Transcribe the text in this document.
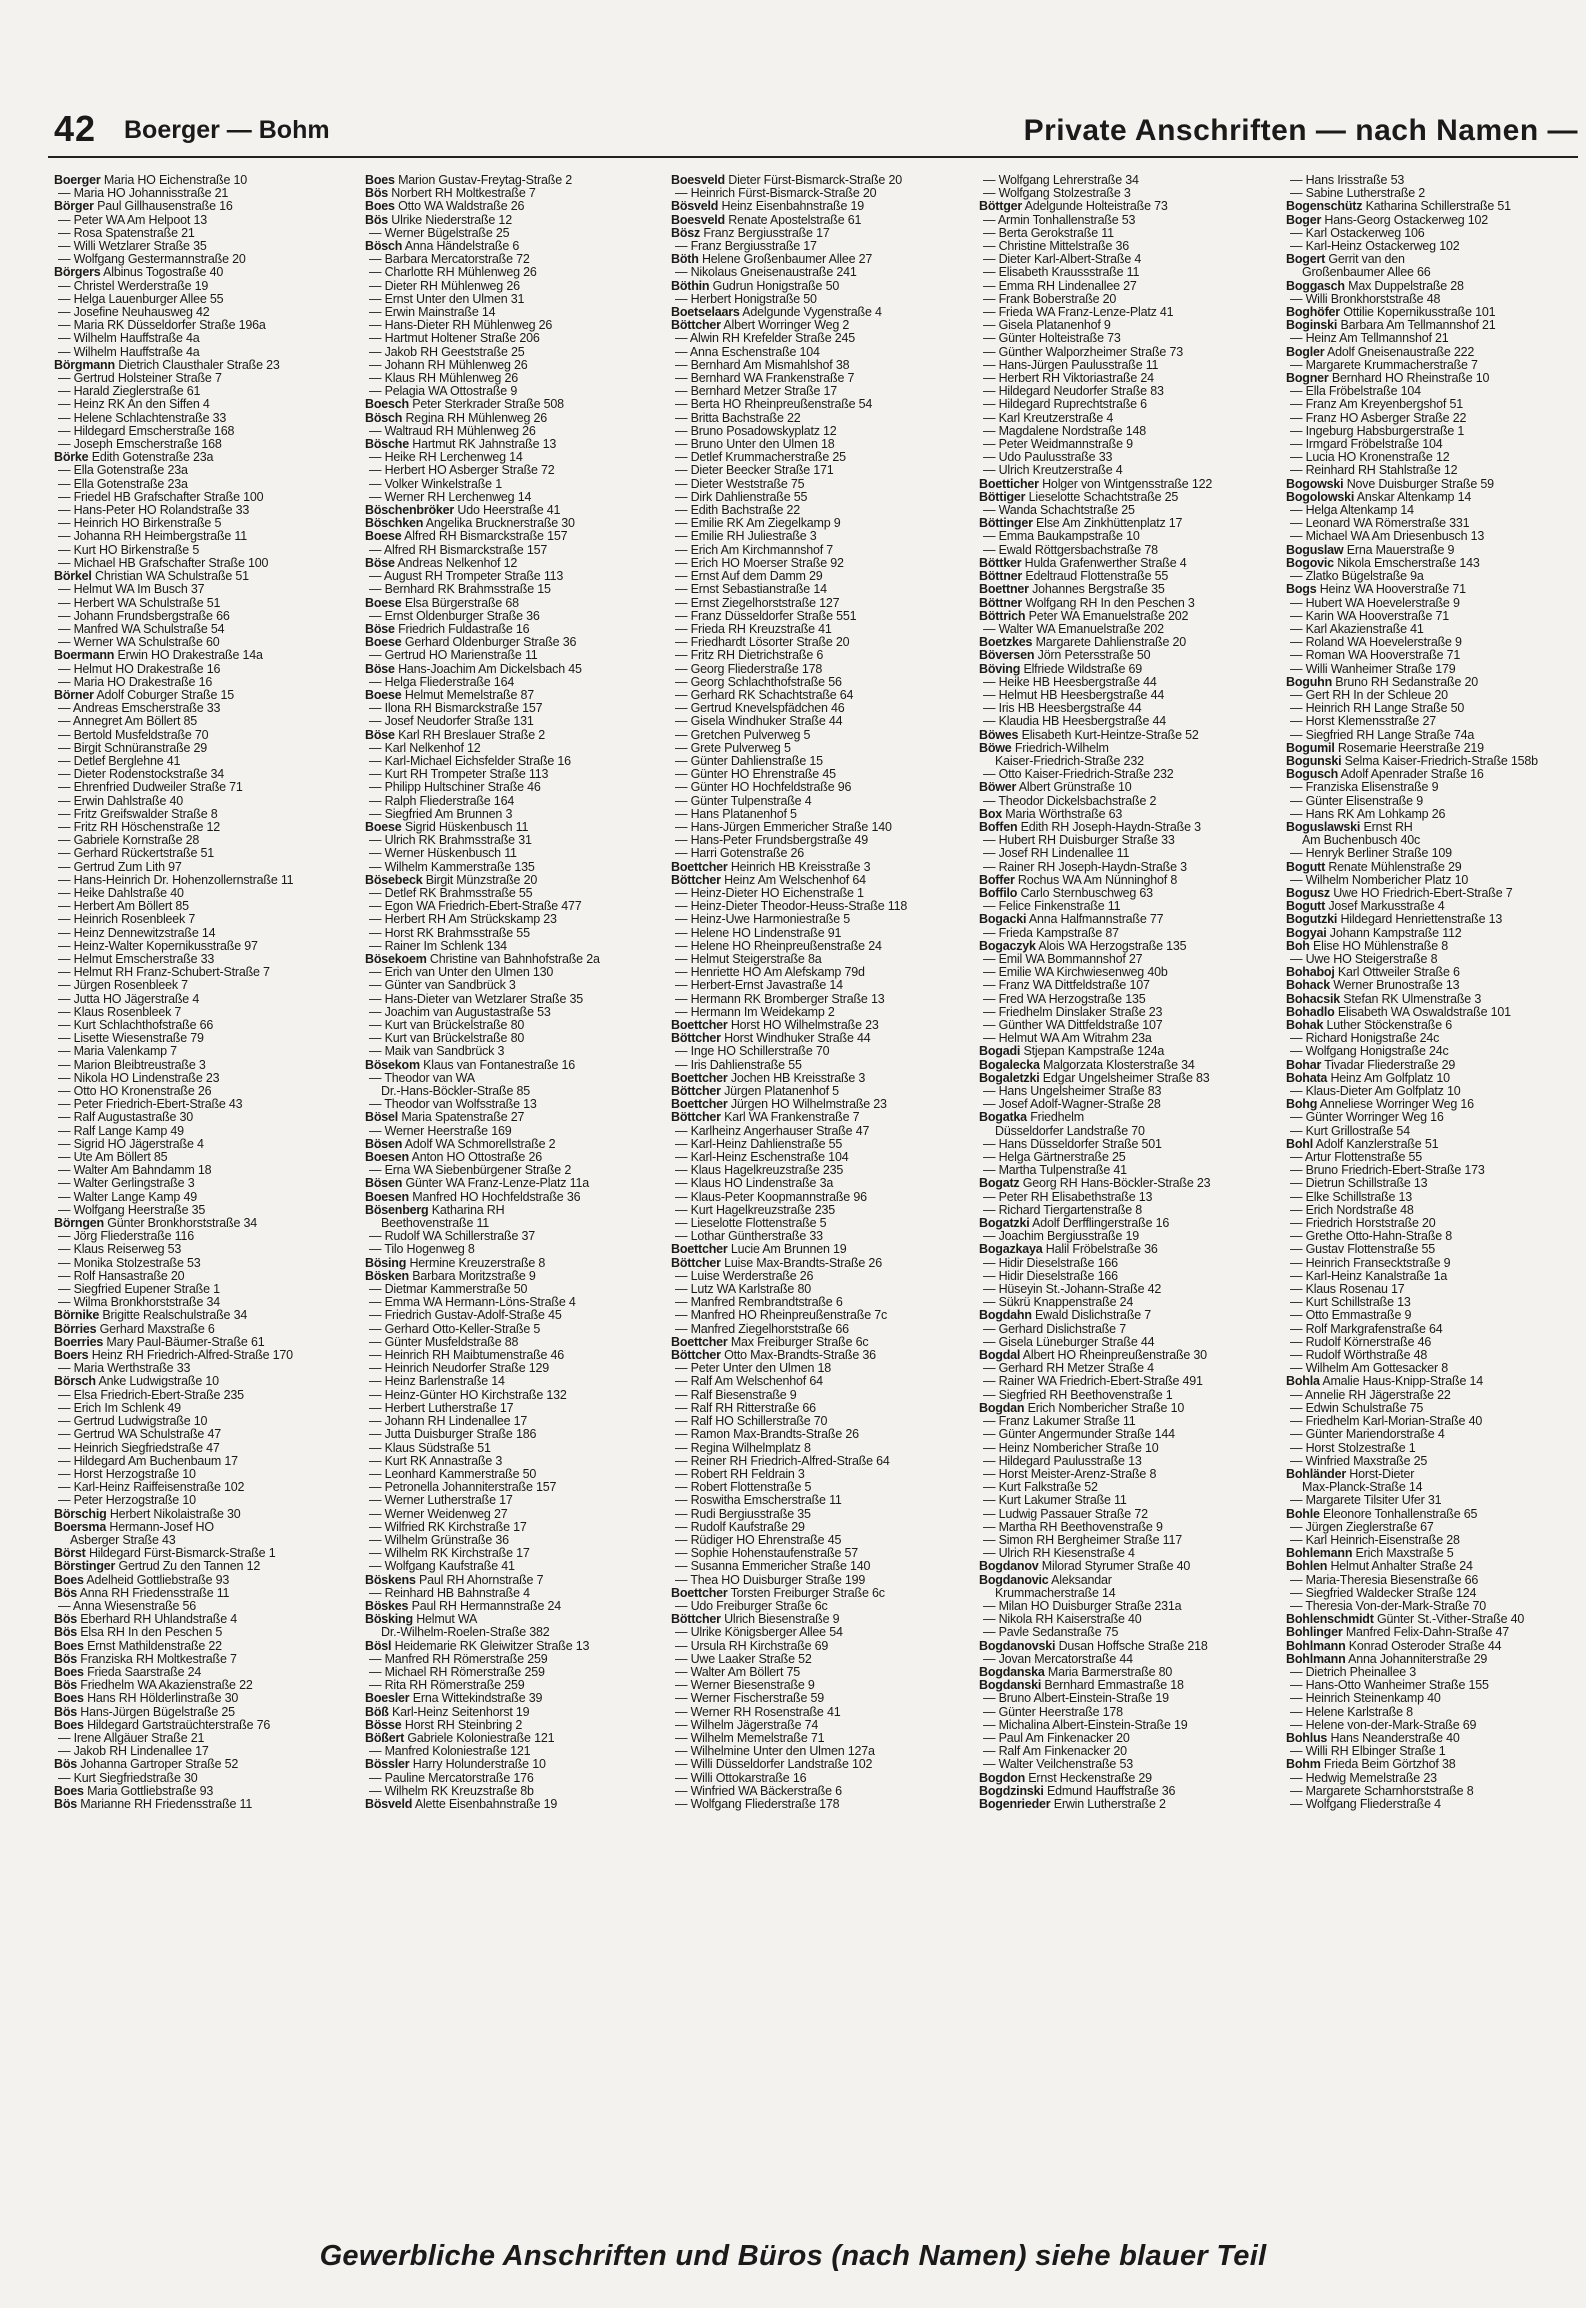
42 Boerger — Bohm	Private Anschriften — nach Namen —
Boerger Maria HO Eichenstraße 10
— Maria HO Johannisstraße 21
Börger Paul Gillhausenstraße 16
— Peter WA Am Helpoot 13
— Rosa Spatenstraße 21
— Willi Wetzlarer Straße 35
— Wolfgang Gestermannstraße 20
Börgers Albinus Togostraße 40
— Christel Werderstraße 19
— Helga Lauenburger Allee 55
— Josefine Neuhausweg 42
— Maria RK Düsseldorfer Straße 196a
— Wilhelm Hauffstraße 4a
— Wilhelm Hauffstraße 4a
Börgmann Dietrich Clausthaler Straße 23
— Gertrud Holsteiner Straße 7
— Harald Zieglerstraße 61
— Heinz RK An den Siffen 4
— Helene Schlachtenstraße 33
— Hildegard Emscherstraße 168
— Joseph Emscherstraße 168
Börke Edith Gotenstraße 23a
— Ella Gotenstraße 23a
— Ella Gotenstraße 23a
— Friedel HB Grafschafter Straße 100
— Hans-Peter HO Rolandstraße 33
— Heinrich HO Birkenstraße 5
— Johanna RH Heimbergstraße 11
— Kurt HO Birkenstraße 5
— Michael HB Grafschafter Straße 100
Börkel Christian WA Schulstraße 51
— Helmut WA Im Busch 37
— Herbert WA Schulstraße 51
— Johann Frundsbergstraße 66
— Manfred WA Schulstraße 54
— Werner WA Schulstraße 60
Boermann Erwin HO Drakestraße 14a
— Helmut HO Drakestraße 16
— Maria HO Drakestraße 16
Börner Adolf Coburger Straße 15
— Andreas Emscherstraße 33
— Annegret Am Böllert 85
— Bertold Musfeldstraße 70
— Birgit Schnüranstraße 29
— Detlef Berglehne 41
— Dieter Rodenstockstraße 34
— Ehrenfried Dudweiler Straße 71
— Erwin Dahlstraße 40
— Fritz Greifswalder Straße 8
— Fritz RH Höschenstraße 12
— Gabriele Kornstraße 28
— Gerhard Rückertstraße 51
— Gertrud Zum Lith 97
— Hans-Heinrich Dr. Hohenzollernstraße 11
— Heike Dahlstraße 40
— Herbert Am Böllert 85
— Heinrich Rosenbleek 7
— Heinz Dennewitzstraße 14
— Heinz-Walter Kopernikusstraße 97
— Helmut Emscherstraße 33
— Helmut RH Franz-Schubert-Straße 7
— Jürgen Rosenbleek 7
— Jutta HO Jägerstraße 4
— Klaus Rosenbleek 7
— Kurt Schlachthofstraße 66
— Lisette Wiesenstraße 79
— Maria Valenkamp 7
— Marion Bleibtreustraße 3
— Nikola HO Lindenstraße 23
— Otto HO Kronenstraße 26
— Peter Friedrich-Ebert-Straße 43
— Ralf Augustastraße 30
— Ralf Lange Kamp 49
— Sigrid HO Jägerstraße 4
— Ute Am Böllert 85
— Walter Am Bahndamm 18
— Walter Gerlingstraße 3
— Walter Lange Kamp 49
— Wolfgang Heerstraße 35
Börngen Günter Bronkhorststraße 34
— Jörg Fliederstraße 116
— Klaus Reiserweg 53
— Monika Stolzestraße 53
— Rolf Hansastraße 20
— Siegfried Eupener Straße 1
— Wilma Bronkhorststraße 34
Börnike Brigitte Realschulstraße 34
Börries Gerhard Maxstraße 6
Boerries Mary Paul-Bäumer-Straße 61
Boers Heinz RH Friedrich-Alfred-Straße 170
— Maria Werthstraße 33
Börsch Anke Ludwigstraße 10
— Elsa Friedrich-Ebert-Straße 235
— Erich Im Schlenk 49
— Gertrud Ludwigstraße 10
— Gertrud WA Schulstraße 47
— Heinrich Siegfriedstraße 47
— Hildegard Am Buchenbaum 17
— Horst Herzogstraße 10
— Karl-Heinz Raiffeisenstraße 102
— Peter Herzogstraße 10
Börschig Herbert Nikolaistraße 30
Boersma Hermann-Josef HO
Asberger Straße 43
Börst Hildegard Fürst-Bismarck-Straße 1
Börstinger Gertrud Zu den Tannen 12
Boes Adelheid Gottliebstraße 93
Bös Anna RH Friedensstraße 11
— Anna Wiesenstraße 56
Bös Eberhard RH Uhlandstraße 4
Bös Elsa RH In den Peschen 5
Boes Ernst Mathildenstraße 22
Bös Franziska RH Moltkestraße 7
Boes Frieda Saarstraße 24
Bös Friedhelm WA Akazienstraße 22
Boes Hans RH Hölderlinstraße 30
Bös Hans-Jürgen Bügelstraße 25
Boes Hildegard Gartstraüchterstraße 76
— Irene Allgäuer Straße 21
— Jakob RH Lindenallee 17
Bös Johanna Gartroper Straße 52
— Kurt Siegfriedstraße 30
Boes Maria Gottliebstraße 93
Bös Marianne RH Friedensstraße 11
Boes Marion Gustav-Freytag-Straße 2
Bös Norbert RH Moltkestraße 7
Boes Otto WA Waldstraße 26
Bös Ulrike Niederstraße 12
— Werner Bügelstraße 25
Bösch Anna Händelstraße 6
— Barbara Mercatorstraße 72
— Charlotte RH Mühlenweg 26
— Dieter RH Mühlenweg 26
— Ernst Unter den Ulmen 31
— Erwin Mainstraße 14
— Hans-Dieter RH Mühlenweg 26
— Hartmut Holtener Straße 206
— Jakob RH Geeststraße 25
— Johann RH Mühlenweg 26
— Klaus RH Mühlenweg 26
— Pelagia WA Ottostraße 9
Boesch Peter Sterkrader Straße 508
Bösch Regina RH Mühlenweg 26
— Waltraud RH Mühlenweg 26
Bösche Hartmut RK Jahnstraße 13
— Heike RH Lerchenweg 14
— Herbert HO Asberger Straße 72
— Volker Winkelstraße 1
— Werner RH Lerchenweg 14
Böschenbröker Udo Heerstraße 41
Böschken Angelika Brucknerstraße 30
Boese Alfred RH Bismarckstraße 157
— Alfred RH Bismarckstraße 157
Böse Andreas Nelkenhof 12
— August RH Trompeter Straße 113
— Bernhard RK Brahmsstraße 15
Boese Elsa Bürgerstraße 68
— Ernst Oldenburger Straße 36
Böse Friedrich Fuldastraße 16
Boese Gerhard Oldenburger Straße 36
— Gertrud HO Marienstraße 11
Böse Hans-Joachim Am Dickelsbach 45
— Helga Fliederstraße 164
Boese Helmut Memelstraße 87
— Ilona RH Bismarckstraße 157
— Josef Neudorfer Straße 131
Böse Karl RH Breslauer Straße 2
— Karl Nelkenhof 12
— Karl-Michael Eichsfelder Straße 16
— Kurt RH Trompeter Straße 113
— Philipp Hultschiner Straße 46
— Ralph Fliederstraße 164
— Siegfried Am Brunnen 3
Boese Sigrid Hüskenbusch 11
— Ulrich RK Brahmsstraße 31
— Werner Hüskenbusch 11
— Wilhelm Kammerstraße 135
Bösebeck Birgit Münzstraße 20
— Detlef RK Brahmsstraße 55
— Egon WA Friedrich-Ebert-Straße 477
— Herbert RH Am Strückskamp 23
— Horst RK Brahmsstraße 55
— Rainer Im Schlenk 134
Bösekoem Christine van Bahnhofstraße 2a
— Erich van Unter den Ulmen 130
— Günter van Sandbrück 3
— Hans-Dieter van Wetzlarer Straße 35
— Joachim van Augustastraße 53
— Kurt van Brückelstraße 80
— Kurt van Brückelstraße 80
— Maik van Sandbrück 3
Bösekom Klaus van Fontanestraße 16
— Theodor van WA
Dr.-Hans-Böckler-Straße 85
— Theodor van Wolfsstraße 13
Bösel Maria Spatenstraße 27
— Werner Heerstraße 169
Bösen Adolf WA Schmorellstraße 2
Boesen Anton HO Ottostraße 26
— Erna WA Siebenbürgener Straße 2
Bösen Günter WA Franz-Lenze-Platz 11a
Boesen Manfred HO Hochfeldstraße 36
Bösenberg Katharina RH
Beethovenstraße 11
— Rudolf WA Schillerstraße 37
— Tilo Hogenweg 8
Bösing Hermine Kreuzerstraße 8
Bösken Barbara Moritzstraße 9
— Dietmar Kammerstraße 50
— Emma WA Hermann-Löns-Straße 4
— Friedrich Gustav-Adolf-Straße 45
— Gerhard Otto-Keller-Straße 5
— Günter Musfeldstraße 88
— Heinrich RH Maibtumenstraße 46
— Heinrich Neudorfer Straße 129
— Heinz Barlenstraße 14
— Heinz-Günter HO Kirchstraße 132
— Herbert Lutherstraße 17
— Johann RH Lindenallee 17
— Jutta Duisburger Straße 186
— Klaus Südstraße 51
— Kurt RK Annastraße 3
— Leonhard Kammerstraße 50
— Petronella Johanniterstraße 157
— Werner Lutherstraße 17
— Werner Weidenweg 27
— Wilfried RK Kirchstraße 17
— Wilhelm Grünstraße 36
— Wilhelm RK Kirchstraße 17
— Wolfgang Kaufstraße 41
Böskens Paul RH Ahornstraße 7
— Reinhard HB Bahnstraße 4
Böskes Paul RH Hermannstraße 24
Bösking Helmut WA
Dr.-Wilhelm-Roelen-Straße 382
Bösl Heidemarie RK Gleiwitzer Straße 13
— Manfred RH Römerstraße 259
— Michael RH Römerstraße 259
— Rita RH Römerstraße 259
Boesler Erna Wittekindstraße 39
Böß Karl-Heinz Seitenhorst 19
Bösse Horst RH Steinbring 2
Bößert Gabriele Koloniestraße 121
— Manfred Koloniestraße 121
Bössler Harry Holunderstraße 10
— Pauline Mercatorstraße 176
— Wilhelm RK Kreuzstraße 8b
Bösveld Alette Eisenbahnstraße 19
Boesveld Dieter Fürst-Bismarck-Straße 20
— Heinrich Fürst-Bismarck-Straße 20
Bösveld Heinz Eisenbahnstraße 19
Boesveld Renate Apostelstraße 61
Bösz Franz Bergiusstraße 17
— Franz Bergiusstraße 17
Böth Helene Großenbaumer Allee 27
— Nikolaus Gneisenaustraße 241
Böthin Gudrun Honigstraße 50
— Herbert Honigstraße 50
Boetselaars Adelgunde Vygenstraße 4
Böttcher Albert Worringer Weg 2
— Alwin RH Krefelder Straße 245
— Anna Eschenstraße 104
— Bernhard Am Mismahlshof 38
— Bernhard WA Frankenstraße 7
— Bernhard Metzer Straße 17
— Berta HO Rheinpreußenstraße 54
— Britta Bachstraße 22
— Bruno Posadowskyplatz 12
— Bruno Unter den Ulmen 18
— Detlef Krummacherstraße 25
— Dieter Beecker Straße 171
— Dieter Weststraße 75
— Dirk Dahlienstraße 55
— Edith Bachstraße 22
— Emilie RK Am Ziegelkamp 9
— Emilie RH Juliestraße 3
— Erich Am Kirchmannshof 7
— Erich HO Moerser Straße 92
— Ernst Auf dem Damm 29
— Ernst Sebastianstraße 14
— Ernst Ziegelhorststraße 127
— Franz Düsseldorfer Straße 551
— Frieda RH Kreuzstraße 41
— Friedhardt Lösorter Straße 20
— Fritz RH Dietrichstraße 6
— Georg Fliederstraße 178
— Georg Schlachthofstraße 56
— Gerhard RK Schachtstraße 64
— Gertrud Knevelspfädchen 46
— Gisela Windhuker Straße 44
— Gretchen Pulverweg 5
— Grete Pulverweg 5
— Günter Dahlienstraße 15
— Günter HO Ehrenstraße 45
— Günter HO Hochfeldstraße 96
— Günter Tulpenstraße 4
— Hans Platanenhof 5
— Hans-Jürgen Emmericher Straße 140
— Hans-Peter Frundsbergstraße 49
— Harri Gotenstraße 26
Boettcher Heinrich HB Kreisstraße 3
Böttcher Heinz Am Welschenhof 64
— Heinz-Dieter HO Eichenstraße 1
— Heinz-Dieter Theodor-Heuss-Straße 118
— Heinz-Uwe Harmoniestraße 5
— Helene HO Lindenstraße 91
— Helene HO Rheinpreußenstraße 24
— Helmut Steigerstraße 8a
— Henriette HO Am Alefskamp 79d
— Herbert-Ernst Javastraße 14
— Hermann RK Bromberger Straße 13
— Hermann Im Weidekamp 2
Boettcher Horst HO Wilhelmstraße 23
Böttcher Horst Windhuker Straße 44
— Inge HO Schillerstraße 70
— Iris Dahlienstraße 55
Boettcher Jochen HB Kreisstraße 3
Böttcher Jürgen Platanenhof 5
Boettcher Jürgen HO Wilhelmstraße 23
Böttcher Karl WA Frankenstraße 7
— Karlheinz Angerhauser Straße 47
— Karl-Heinz Dahlienstraße 55
— Karl-Heinz Eschenstraße 104
— Klaus Hagelkreuzstraße 235
— Klaus HO Lindenstraße 3a
— Klaus-Peter Koopmannstraße 96
— Kurt Hagelkreuzstraße 235
— Lieselotte Flottenstraße 5
— Lothar Güntherstraße 33
Boettcher Lucie Am Brunnen 19
Böttcher Luise Max-Brandts-Straße 26
— Luise Werderstraße 26
— Lutz WA Karlstraße 80
— Manfred Rembrandtstraße 6
— Manfred HO Rheinpreußenstraße 7c
— Manfred Ziegelhorststraße 66
Boettcher Max Freiburger Straße 6c
Böttcher Otto Max-Brandts-Straße 36
— Peter Unter den Ulmen 18
— Ralf Am Welschenhof 64
— Ralf Biesenstraße 9
— Ralf RH Ritterstraße 66
— Ralf HO Schillerstraße 70
— Ramon Max-Brandts-Straße 26
— Regina Wilhelmplatz 8
— Reiner RH Friedrich-Alfred-Straße 64
— Robert RH Feldrain 3
— Robert Flottenstraße 5
— Roswitha Emscherstraße 11
— Rudi Bergiusstraße 35
— Rudolf Kaufstraße 29
— Rüdiger HO Ehrenstraße 45
— Sophie Hohenstaufenstraße 57
— Susanna Emmericher Straße 140
— Thea HO Duisburger Straße 199
Boettcher Torsten Freiburger Straße 6c
— Udo Freiburger Straße 6c
Böttcher Ulrich Biesenstraße 9
— Ulrike Königsberger Allee 54
— Ursula RH Kirchstraße 69
— Uwe Laaker Straße 52
— Walter Am Böllert 75
— Werner Biesenstraße 9
— Werner Fischerstraße 59
— Werner RH Rosenstraße 41
— Wilhelm Jägerstraße 74
— Wilhelm Memelstraße 71
— Wilhelmine Unter den Ulmen 127a
— Willi Düsseldorfer Landstraße 102
— Willi Ottokarstraße 16
— Winfried WA Bäckerstraße 6
— Wolfgang Fliederstraße 178
— Wolfgang Lehrerstraße 34
— Wolfgang Stolzestraße 3
Böttger Adelgunde Holteistraße 73
— Armin Tonhallenstraße 53
— Berta Gerokstraße 11
— Christine Mittelstraße 36
— Dieter Karl-Albert-Straße 4
— Elisabeth Kraussstraße 11
— Emma RH Lindenallee 27
— Frank Boberstraße 20
— Frieda WA Franz-Lenze-Platz 41
— Gisela Platanenhof 9
— Günter Holteistraße 73
— Günther Walporzheimer Straße 73
— Hans-Jürgen Paulusstraße 11
— Herbert RH Viktoriastraße 24
— Hildegard Neudorfer Straße 83
— Hildegard Ruprechtstraße 6
— Karl Kreutzerstraße 4
— Magdalene Nordstraße 148
— Peter Weidmannstraße 9
— Udo Paulusstraße 33
— Ulrich Kreutzerstraße 4
Boetticher Holger von Wintgensstraße 122
Böttiger Lieselotte Schachtstraße 25
— Wanda Schachtstraße 25
Böttinger Else Am Zinkhüttenplatz 17
— Emma Baukampstraße 10
— Ewald Röttgersbachstraße 78
Böttker Hulda Grafenwerther Straße 4
Böttner Edeltraud Flottenstraße 55
Boettner Johannes Bergstraße 35
Böttner Wolfgang RH In den Peschen 3
Böttrich Peter WA Emanuelstraße 202
— Walter WA Emanuelstraße 202
Boetzkes Margarete Dahlienstraße 20
Böversen Jörn Petersstraße 50
Böving Elfriede Wildstraße 69
— Heike HB Heesbergstraße 44
— Helmut HB Heesbergstraße 44
— Iris HB Heesbergstraße 44
— Klaudia HB Heesbergstraße 44
Böwes Elisabeth Kurt-Heintze-Straße 52
Böwe Friedrich-Wilhelm
Kaiser-Friedrich-Straße 232
— Otto Kaiser-Friedrich-Straße 232
Böwer Albert Grünstraße 10
— Theodor Dickelsbachstraße 2
Box Maria Wörthstraße 63
Boffen Edith RH Joseph-Haydn-Straße 3
— Hubert RH Duisburger Straße 33
— Josef RH Lindenallee 11
— Rainer RH Joseph-Haydn-Straße 3
Boffer Rochus WA Am Nünninghof 8
Boffilo Carlo Sternbuschweg 63
— Felice Finkenstraße 11
Bogacki Anna Halfmannstraße 77
— Frieda Kampstraße 87
Bogaczyk Alois WA Herzogstraße 135
— Emil WA Bommannshof 27
— Emilie WA Kirchwiesenweg 40b
— Franz WA Dittfeldstraße 107
— Fred WA Herzogstraße 135
— Friedhelm Dinslaker Straße 23
— Günther WA Dittfeldstraße 107
— Helmut WA Am Witrahm 23a
Bogadi Stjepan Kampstraße 124a
Bogalecka Malgorzata Klosterstraße 34
Bogaletzki Edgar Ungelsheimer Straße 83
— Hans Ungelsheimer Straße 83
— Josef Adolf-Wagner-Straße 28
Bogatka Friedhelm
Düsseldorfer Landstraße 70
— Hans Düsseldorfer Straße 501
— Helga Gärtnerstraße 25
— Martha Tulpenstraße 41
Bogatz Georg RH Hans-Böckler-Straße 23
— Peter RH Elisabethstraße 13
— Richard Tiergartenstraße 8
Bogatzki Adolf Derfflingerstraße 16
— Joachim Bergiusstraße 19
Bogazkaya Halil Fröbelstraße 36
— Hidir Dieselstraße 166
— Hidir Dieselstraße 166
— Hüseyin St.-Johann-Straße 42
— Sükrü Knappenstraße 24
Bogdahn Ewald Dislichstraße 7
— Gerhard Dislichstraße 7
— Gisela Lüneburger Straße 44
Bogdal Albert HO Rheinpreußenstraße 30
— Gerhard RH Metzer Straße 4
— Rainer WA Friedrich-Ebert-Straße 491
— Siegfried RH Beethovenstraße 1
Bogdan Erich Nombericher Straße 10
— Franz Lakumer Straße 11
— Günter Angermunder Straße 144
— Heinz Nombericher Straße 10
— Hildegard Paulusstraße 13
— Horst Meister-Arenz-Straße 8
— Kurt Falkstraße 52
— Kurt Lakumer Straße 11
— Ludwig Passauer Straße 72
— Martha RH Beethovenstraße 9
— Simon RH Bergheimer Straße 117
— Ulrich RH Kiesenstraße 4
Bogdanov Milorad Styrumer Straße 40
Bogdanovic Aleksandar
Krummacherstraße 14
— Milan HO Duisburger Straße 231a
— Nikola RH Kaiserstraße 40
— Pavle Sedanstraße 75
Bogdanovski Dusan Hoffsche Straße 218
— Jovan Mercatorstraße 44
Bogdanska Maria Barmerstraße 80
Bogdanski Bernhard Emmastraße 18
— Bruno Albert-Einstein-Straße 19
— Günter Heerstraße 178
— Michalina Albert-Einstein-Straße 19
— Paul Am Finkenacker 20
— Ralf Am Finkenacker 20
— Walter Veilchenstraße 53
Bogdon Ernst Heckenstraße 29
Bogdzinski Edmund Hauffstraße 36
Bogenrieder Erwin Lutherstraße 2
— Hans Irisstraße 53
— Sabine Lutherstraße 2
Bogenschütz Katharina Schillerstraße 51
Boger Hans-Georg Ostackerweg 102
— Karl Ostackerweg 106
— Karl-Heinz Ostackerweg 102
Bogert Gerrit van den
Großenbaumer Allee 66
Boggasch Max Duppelstraße 28
— Willi Bronkhorststraße 48
Boghöfer Ottilie Kopernikusstraße 101
Boginski Barbara Am Tellmannshof 21
— Heinz Am Tellmannshof 21
Bogler Adolf Gneisenaustraße 222
— Margarete Krummacherstraße 7
Bogner Bernhard HO Rheinstraße 10
— Ella Fröbelstraße 104
— Franz Am Kreyenbergshof 51
— Franz HO Asberger Straße 22
— Ingeburg Habsburgerstraße 1
— Irmgard Fröbelstraße 104
— Lucia HO Kronenstraße 12
— Reinhard RH Stahlstraße 12
Bogowski Nove Duisburger Straße 59
Bogolowski Anskar Altenkamp 14
— Helga Altenkamp 14
— Leonard WA Römerstraße 331
— Michael WA Am Driesenbusch 13
Boguslaw Erna Mauerstraße 9
Bogovic Nikola Emscherstraße 143
— Zlatko Bügelstraße 9a
Bogs Heinz WA Hooverstraße 71
— Hubert WA Hoevelerstraße 9
— Karin WA Hooverstraße 71
— Karl Akazienstraße 41
— Roland WA Hoevelerstraße 9
— Roman WA Hooverstraße 71
— Willi Wanheimer Straße 179
Boguhn Bruno RH Sedanstraße 20
— Gert RH In der Schleue 20
— Heinrich RH Lange Straße 50
— Horst Klemensstraße 27
— Siegfried RH Lange Straße 74a
Bogumil Rosemarie Heerstraße 219
Bogunski Selma Kaiser-Friedrich-Straße 158b
Bogusch Adolf Apenrader Straße 16
— Franziska Elisenstraße 9
— Günter Elisenstraße 9
— Hans RK Am Lohkamp 26
Boguslawski Ernst RH
Am Buchenbusch 40c
— Henryk Berliner Straße 109
Bogutt Renate Mühlenstraße 29
— Wilhelm Nombericher Platz 10
Bogusz Uwe HO Friedrich-Ebert-Straße 7
Bogutt Josef Markusstraße 4
Bogutzki Hildegard Henriettenstraße 13
Bogyai Johann Kampstraße 112
Boh Elise HO Mühlenstraße 8
— Uwe HO Steigerstraße 8
Bohaboj Karl Ottweiler Straße 6
Bohack Werner Brunostraße 13
Bohacsik Stefan RK Ulmenstraße 3
Bohadlo Elisabeth WA Oswaldstraße 101
Bohak Luther Stöckenstraße 6
— Richard Honigstraße 24c
— Wolfgang Honigstraße 24c
Bohar Tivadar Fliederstraße 29
Bohata Heinz Am Golfplatz 10
— Klaus-Dieter Am Golfplatz 10
Bohg Anneliese Worringer Weg 16
— Günter Worringer Weg 16
— Kurt Grillostraße 54
Bohl Adolf Kanzlerstraße 51
— Artur Flottenstraße 55
— Bruno Friedrich-Ebert-Straße 173
— Dietrun Schillstraße 13
— Elke Schillstraße 13
— Erich Nordstraße 48
— Friedrich Horststraße 20
— Grethe Otto-Hahn-Straße 8
— Gustav Flottenstraße 55
— Heinrich Fransecktstraße 9
— Karl-Heinz Kanalstraße 1a
— Klaus Rosenau 17
— Kurt Schillstraße 13
— Otto Emmastraße 9
— Rolf Markgrafenstraße 64
— Rudolf Körnerstraße 46
— Rudolf Wörthstraße 48
— Wilhelm Am Gottesacker 8
Bohla Amalie Haus-Knipp-Straße 14
— Annelie RH Jägerstraße 22
— Edwin Schulstraße 75
— Friedhelm Karl-Morian-Straße 40
— Günter Mariendorstraße 4
— Horst Stolzestraße 1
— Winfried Maxstraße 25
Bohländer Horst-Dieter
Max-Planck-Straße 14
— Margarete Tilsiter Ufer 31
Bohle Eleonore Tonhallenstraße 65
— Jürgen Zieglerstraße 67
— Karl Heinrich-Eisenstraße 28
Bohlemann Erich Maxstraße 5
Bohlen Helmut Anhalter Straße 24
— Maria-Theresia Biesenstraße 66
— Siegfried Waldecker Straße 124
— Theresia Von-der-Mark-Straße 70
Bohlenschmidt Günter St.-Vither-Straße 40
Bohlinger Manfred Felix-Dahn-Straße 47
Bohlmann Konrad Osteroder Straße 44
Bohlmann Anna Johanniterstraße 29
— Dietrich Pheinallee 3
— Hans-Otto Wanheimer Straße 155
— Heinrich Steinenkamp 40
— Helene Karlstraße 8
— Helene von-der-Mark-Straße 69
Bohlus Hans Neanderstraße 40
— Willi RH Elbinger Straße 1
Bohm Frieda Beim Görtzhof 38
— Hedwig Memelstraße 23
— Margarete Scharnhorststraße 8
— Wolfgang Fliederstraße 4
Gewerbliche Anschriften und Büros (nach Namen) siehe blauer Teil
